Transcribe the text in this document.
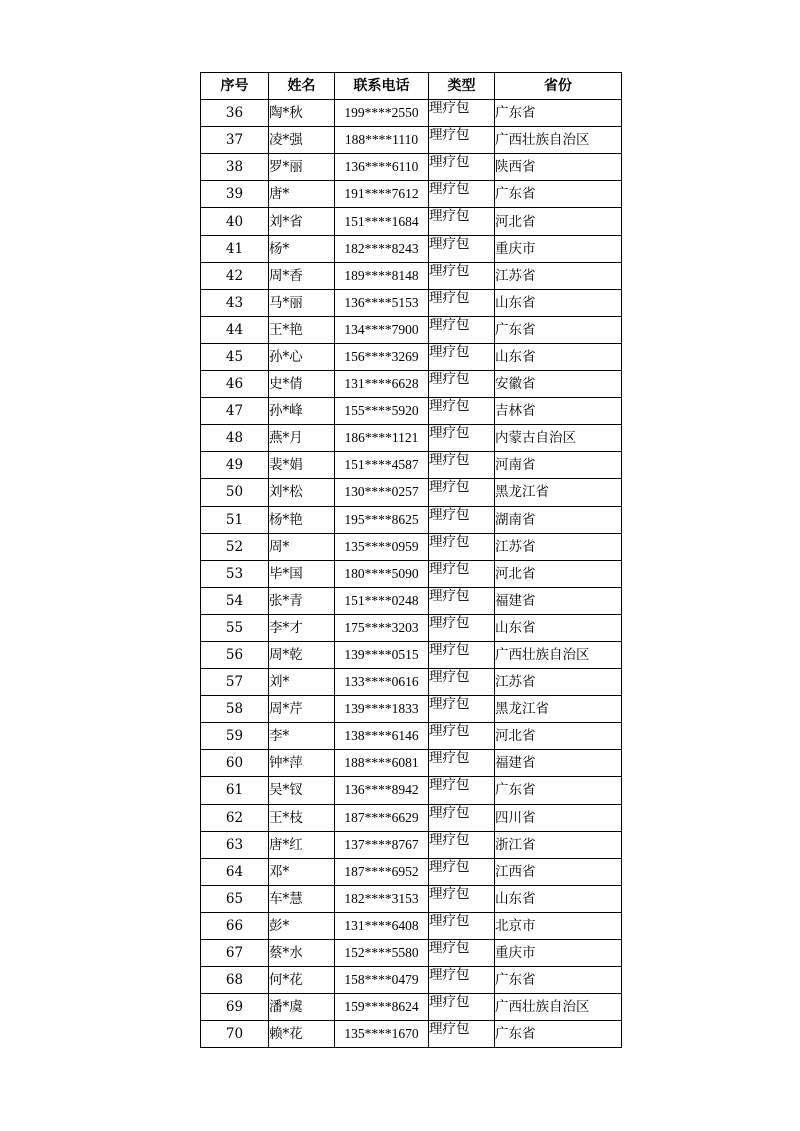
序号	姓名	联系电话	类型	省份
36	陶*秋	199****2550	理疗包	广东省
37	凌*强	188****1110	理疗包	广西壮族自治区
38	罗*丽	136****6110	理疗包	陕西省
39	唐*	191****7612	理疗包	广东省
40	刘*省	151****1684	理疗包	河北省
41	杨*	182****8243	理疗包	重庆市
42	周*香	189****8148	理疗包	江苏省
43	马*丽	136****5153	理疗包	山东省
44	王*艳	134****7900	理疗包	广东省
45	孙*心	156****3269	理疗包	山东省
46	史*倩	131****6628	理疗包	安徽省
47	孙*峰	155****5920	理疗包	吉林省
48	燕*月	186****1121	理疗包	内蒙古自治区
49	裴*娟	151****4587	理疗包	河南省
50	刘*松	130****0257	理疗包	黑龙江省
51	杨*艳	195****8625	理疗包	湖南省
52	周*	135****0959	理疗包	江苏省
53	毕*国	180****5090	理疗包	河北省
54	张*青	151****0248	理疗包	福建省
55	李*才	175****3203	理疗包	山东省
56	周*乾	139****0515	理疗包	广西壮族自治区
57	刘*	133****0616	理疗包	江苏省
58	周*芹	139****1833	理疗包	黑龙江省
59	李*	138****6146	理疗包	河北省
60	钟*萍	188****6081	理疗包	福建省
61	吴*钗	136****8942	理疗包	广东省
62	王*枝	187****6629	理疗包	四川省
63	唐*红	137****8767	理疗包	浙江省
64	邓*	187****6952	理疗包	江西省
65	车*慧	182****3153	理疗包	山东省
66	彭*	131****6408	理疗包	北京市
67	蔡*水	152****5580	理疗包	重庆市
68	何*花	158****0479	理疗包	广东省
69	潘*虞	159****8624	理疗包	广西壮族自治区
70	赖*花	135****1670	理疗包	广东省
